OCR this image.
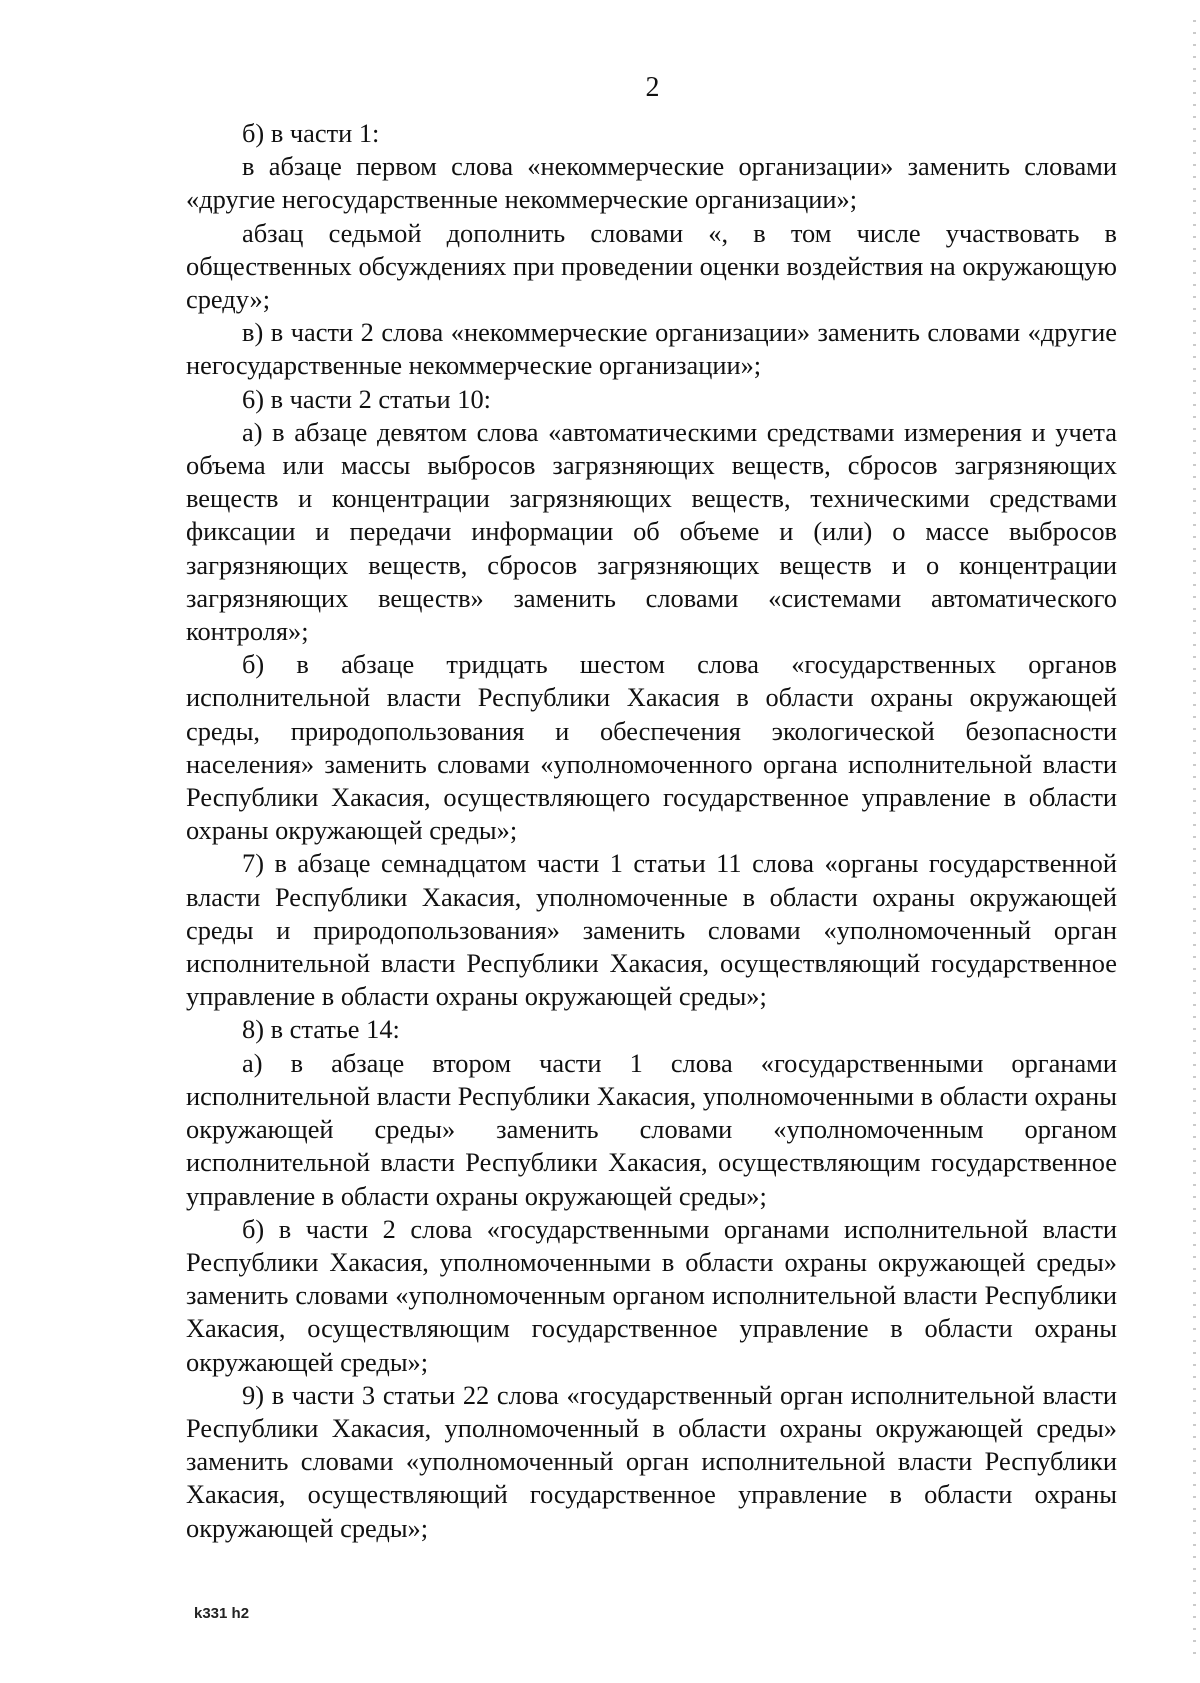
2

б) в части 1:

в абзаце первом слова «некоммерческие организации» заменить словами «другие негосударственные некоммерческие организации»;

абзац седьмой дополнить словами «, в том числе участвовать в общественных обсуждениях при проведении оценки воздействия на окружающую среду»;

в) в части 2 слова «некоммерческие организации» заменить словами «другие негосударственные некоммерческие организации»;

6) в части 2 статьи 10:

а) в абзаце девятом слова «автоматическими средствами измерения и учета объема или массы выбросов загрязняющих веществ, сбросов загрязняющих веществ и концентрации загрязняющих веществ, техническими средствами фиксации и передачи информации об объеме и (или) о массе выбросов загрязняющих веществ, сбросов загрязняющих веществ и о концентрации загрязняющих веществ» заменить словами «системами автоматического контроля»;

б) в абзаце тридцать шестом слова «государственных органов исполнительной власти Республики Хакасия в области охраны окружающей среды, природопользования и обеспечения экологической безопасности населения» заменить словами «уполномоченного органа исполнительной власти Республики Хакасия, осуществляющего государственное управление в области охраны окружающей среды»;

7) в абзаце семнадцатом части 1 статьи 11 слова «органы государственной власти Республики Хакасия, уполномоченные в области охраны окружающей среды и природопользования» заменить словами «уполномоченный орган исполнительной власти Республики Хакасия, осуществляющий государственное управление в области охраны окружающей среды»;

8) в статье 14:

а) в абзаце втором части 1 слова «государственными органами исполнительной власти Республики Хакасия, уполномоченными в области охраны окружающей среды» заменить словами «уполномоченным органом исполнительной власти Республики Хакасия, осуществляющим государственное управление в области охраны окружающей среды»;

б) в части 2 слова «государственными органами исполнительной власти Республики Хакасия, уполномоченными в области охраны окружающей среды» заменить словами «уполномоченным органом исполнительной власти Республики Хакасия, осуществляющим государственное управление в области охраны окружающей среды»;

9) в части 3 статьи 22 слова «государственный орган исполнительной власти Республики Хакасия, уполномоченный в области охраны окружающей среды» заменить словами «уполномоченный орган исполнительной власти Республики Хакасия, осуществляющий государственное управление в области охраны окружающей среды»;

k331 h2
